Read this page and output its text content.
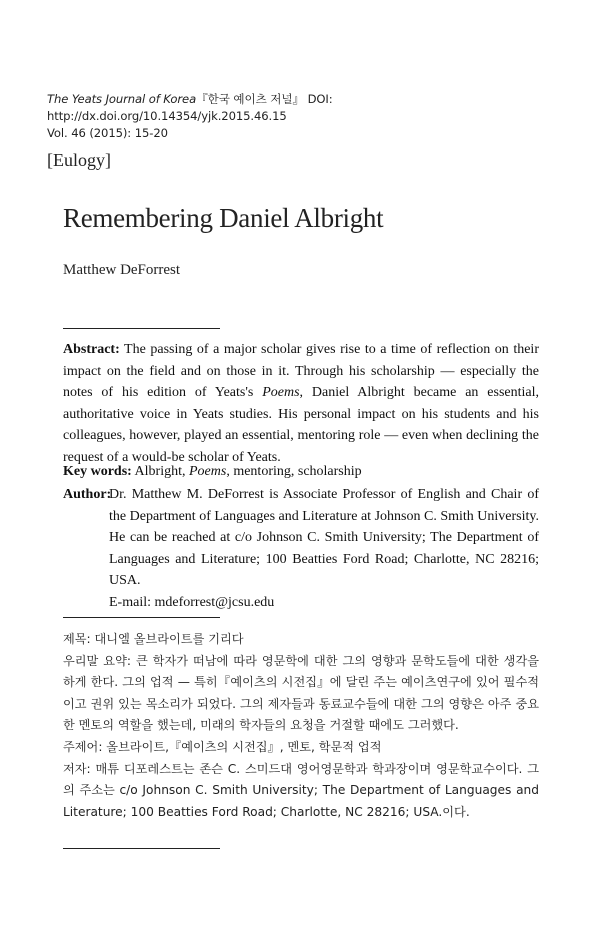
The Yeats Journal of Korea『한국 예이츠 저널』 DOI: http://dx.doi.org/10.14354/yjk.2015.46.15
Vol. 46 (2015): 15-20
[Eulogy]
Remembering Daniel Albright
Matthew DeForrest
Abstract: The passing of a major scholar gives rise to a time of reflection on their impact on the field and on those in it. Through his scholarship — especially the notes of his edition of Yeats's Poems, Daniel Albright became an essential, authoritative voice in Yeats studies. His personal impact on his students and his colleagues, however, played an essential, mentoring role — even when declining the request of a would-be scholar of Yeats.
Key words: Albright, Poems, mentoring, scholarship
Author:
Dr. Matthew M. DeForrest is Associate Professor of English and Chair of the Department of Languages and Literature at Johnson C. Smith University. He can be reached at c/o Johnson C. Smith University; The Department of Languages and Literature; 100 Beatties Ford Road; Charlotte, NC 28216; USA.
E-mail: mdeforrest@jcsu.edu

제목: 대니엘 올브라이트를 기리다

우리말 요약: 큰 학자가 떠남에 따라 영문학에 대한 그의 영향과 문학도들에 대한 생각을 하게 한다. 그의 업적 — 특히『예이츠의 시전집』에 달린 주는 예이츠연구에 있어 필수적이고 권위 있는 목소리가 되었다. 그의 제자들과 동료교수들에 대한 그의 영향은 아주 중요한 멘토의 역할을 했는데, 미래의 학자들의 요청을 거절할 때에도 그러했다.

주제어: 올브라이트,『예이츠의 시전집』, 멘토, 학문적 업적

저자: 매튜 디포레스트는 존슨 C. 스미드대 영어영문학과 학과장이며 영문학교수이다. 그의 주소는 c/o Johnson C. Smith University; The Department of Languages and Literature; 100 Beatties Ford Road; Charlotte, NC 28216; USA.이다.
